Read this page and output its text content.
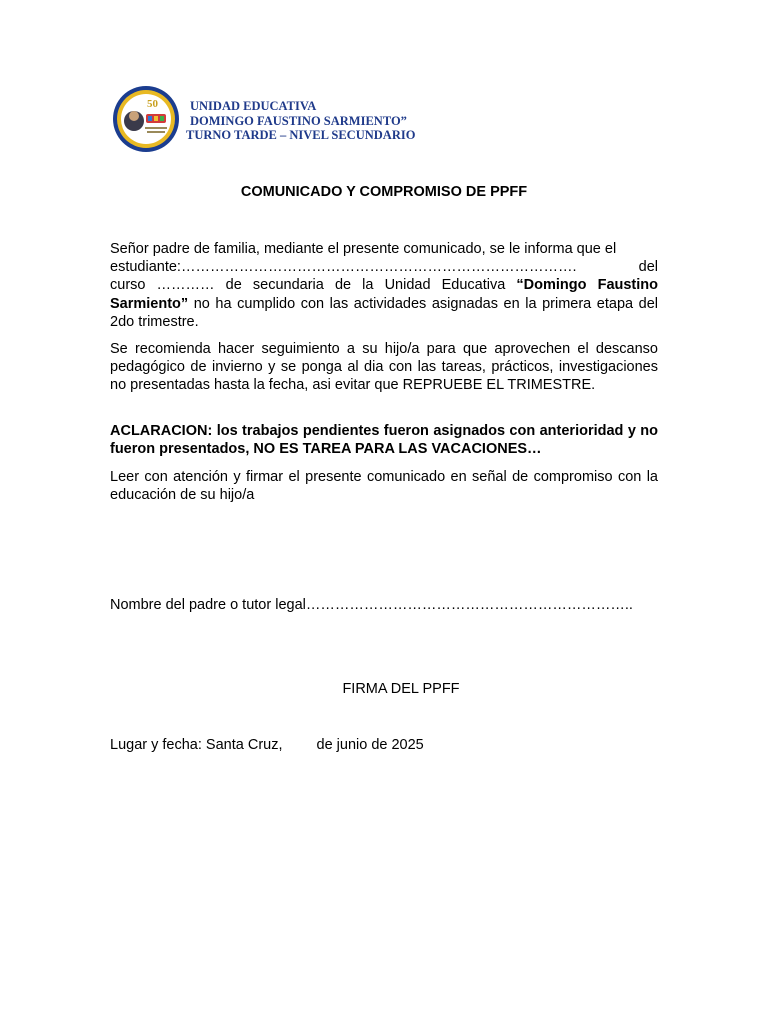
50	UNIDAD EDUCATIVA
DOMINGO FAUSTINO SARMIENTO”
TURNO TARDE – NIVEL SECUNDARIO
COMUNICADO Y COMPROMISO DE PPFF
Señor padre de familia, mediante el presente comunicado, se le informa que el
estudiante:……………………………………………………………………….	del
curso ………… de secundaria de la Unidad Educativa “Domingo Faustino Sarmiento” no ha cumplido con las actividades asignadas en la primera etapa del 2do trimestre.
Se recomienda hacer seguimiento a su hijo/a para que aprovechen el descanso pedagógico de invierno y se ponga al dia con las tareas, prácticos, investigaciones no presentadas hasta la fecha, asi evitar que REPRUEBE EL TRIMESTRE.
ACLARACION: los trabajos pendientes fueron asignados con anterioridad y no fueron presentados, NO ES TAREA PARA LAS VACACIONES…
Leer con atención y firmar el presente comunicado en señal de compromiso con la educación de su hijo/a
Nombre del padre o tutor legal…………………………………………………………..
FIRMA DEL PPFF
Lugar y fecha: Santa Cruz, de junio de 2025
